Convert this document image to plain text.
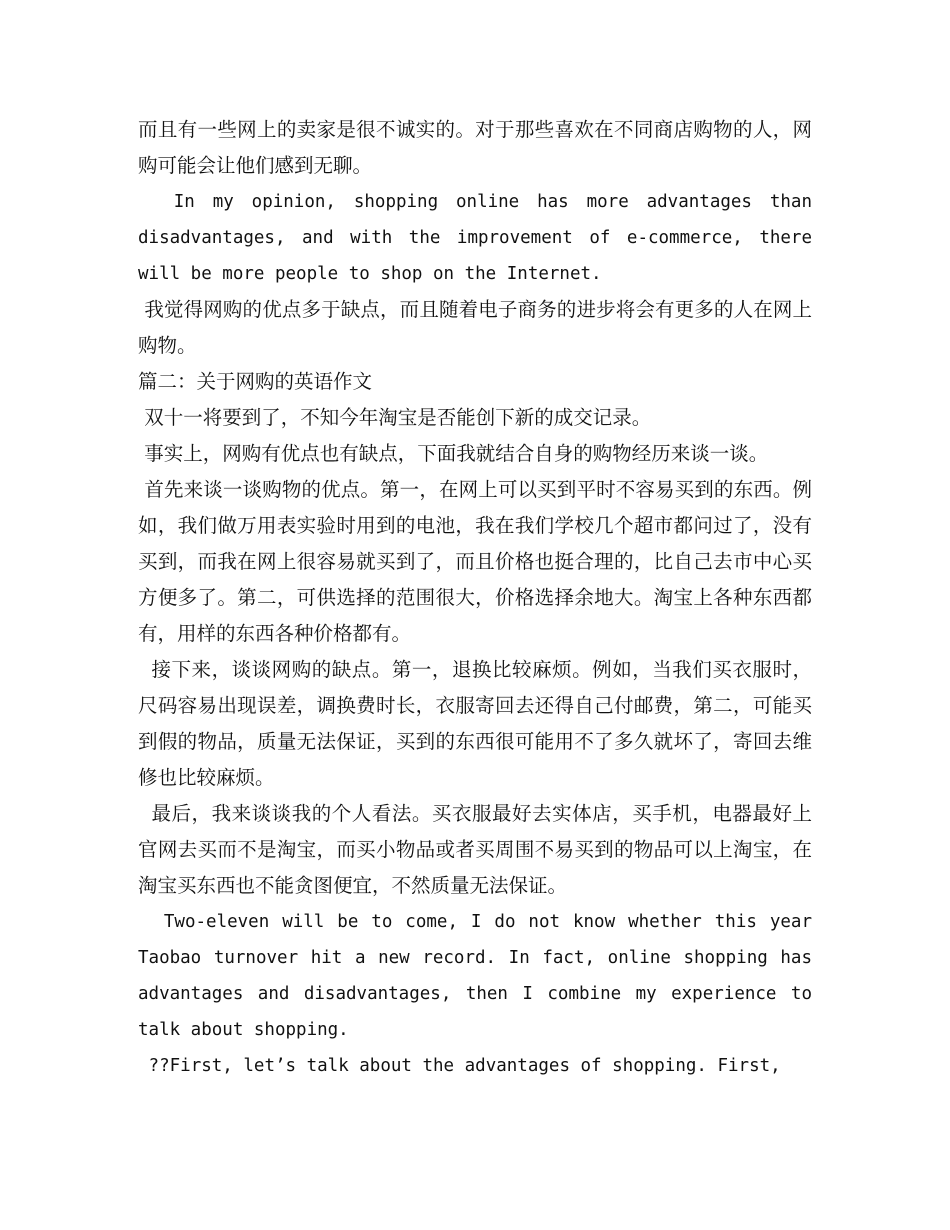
而且有一些网上的卖家是很不诚实的。对于那些喜欢在不同商店购物的人，网购可能会让他们感到无聊。

In my opinion, shopping online has more advantages than disadvantages, and with the improvement of e-commerce, there will be more people to shop on the Internet.

我觉得网购的优点多于缺点，而且随着电子商务的进步将会有更多的人在网上购物。

篇二：关于网购的英语作文

双十一将要到了，不知今年淘宝是否能创下新的成交记录。

事实上，网购有优点也有缺点，下面我就结合自身的购物经历来谈一谈。

首先来谈一谈购物的优点。第一，在网上可以买到平时不容易买到的东西。例如，我们做万用表实验时用到的电池，我在我们学校几个超市都问过了，没有买到，而我在网上很容易就买到了，而且价格也挺合理的，比自己去市中心买方便多了。第二，可供选择的范围很大，价格选择余地大。淘宝上各种东西都有，用样的东西各种价格都有。

接下来，谈谈网购的缺点。第一，退换比较麻烦。例如，当我们买衣服时，尺码容易出现误差，调换费时长，衣服寄回去还得自己付邮费，第二，可能买到假的物品，质量无法保证，买到的东西很可能用不了多久就坏了，寄回去维修也比较麻烦。

最后，我来谈谈我的个人看法。买衣服最好去实体店，买手机，电器最好上官网去买而不是淘宝，而买小物品或者买周围不易买到的物品可以上淘宝，在淘宝买东西也不能贪图便宜，不然质量无法保证。

Two-eleven will be to come, I do not know whether this year Taobao turnover hit a new record. In fact, online shopping has advantages and disadvantages, then I combine my experience to talk about shopping.

??First, let’s talk about the advantages of shopping. First,
